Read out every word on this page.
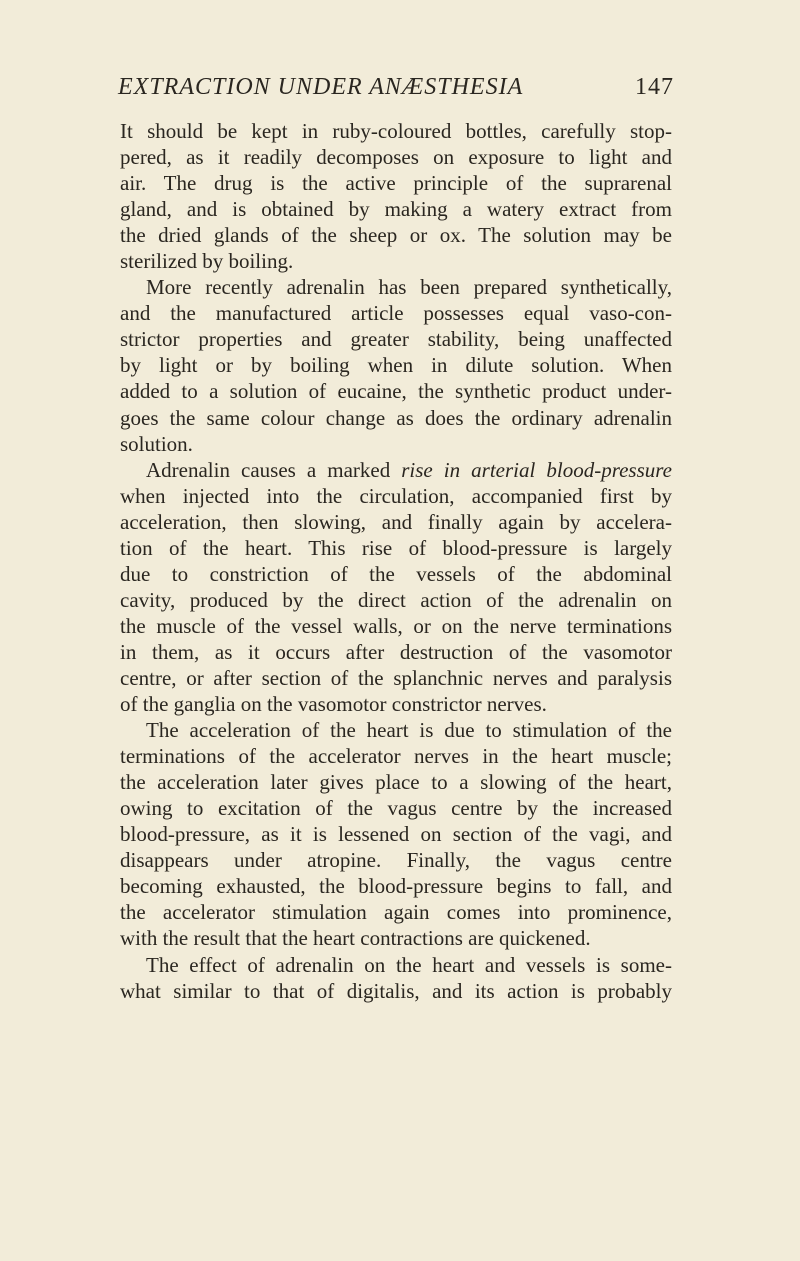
EXTRACTION UNDER ANÆSTHESIA	147
It should be kept in ruby-coloured bottles, carefully stop-
pered, as it readily decomposes on exposure to light and
air. The drug is the active principle of the suprarenal
gland, and is obtained by making a watery extract from
the dried glands of the sheep or ox. The solution may be
sterilized by boiling.
More recently adrenalin has been prepared synthetically,
and the manufactured article possesses equal vaso-con-
strictor properties and greater stability, being unaffected
by light or by boiling when in dilute solution. When
added to a solution of eucaine, the synthetic product under-
goes the same colour change as does the ordinary adrenalin
solution.
Adrenalin causes a marked rise in arterial blood-pressure
when injected into the circulation, accompanied first by
acceleration, then slowing, and finally again by accelera-
tion of the heart. This rise of blood-pressure is largely
due to constriction of the vessels of the abdominal
cavity, produced by the direct action of the adrenalin on
the muscle of the vessel walls, or on the nerve terminations
in them, as it occurs after destruction of the vasomotor
centre, or after section of the splanchnic nerves and paralysis
of the ganglia on the vasomotor constrictor nerves.
The acceleration of the heart is due to stimulation of the
terminations of the accelerator nerves in the heart muscle;
the acceleration later gives place to a slowing of the heart,
owing to excitation of the vagus centre by the increased
blood-pressure, as it is lessened on section of the vagi, and
disappears under atropine. Finally, the vagus centre
becoming exhausted, the blood-pressure begins to fall, and
the accelerator stimulation again comes into prominence,
with the result that the heart contractions are quickened.
The effect of adrenalin on the heart and vessels is some-
what similar to that of digitalis, and its action is probably
